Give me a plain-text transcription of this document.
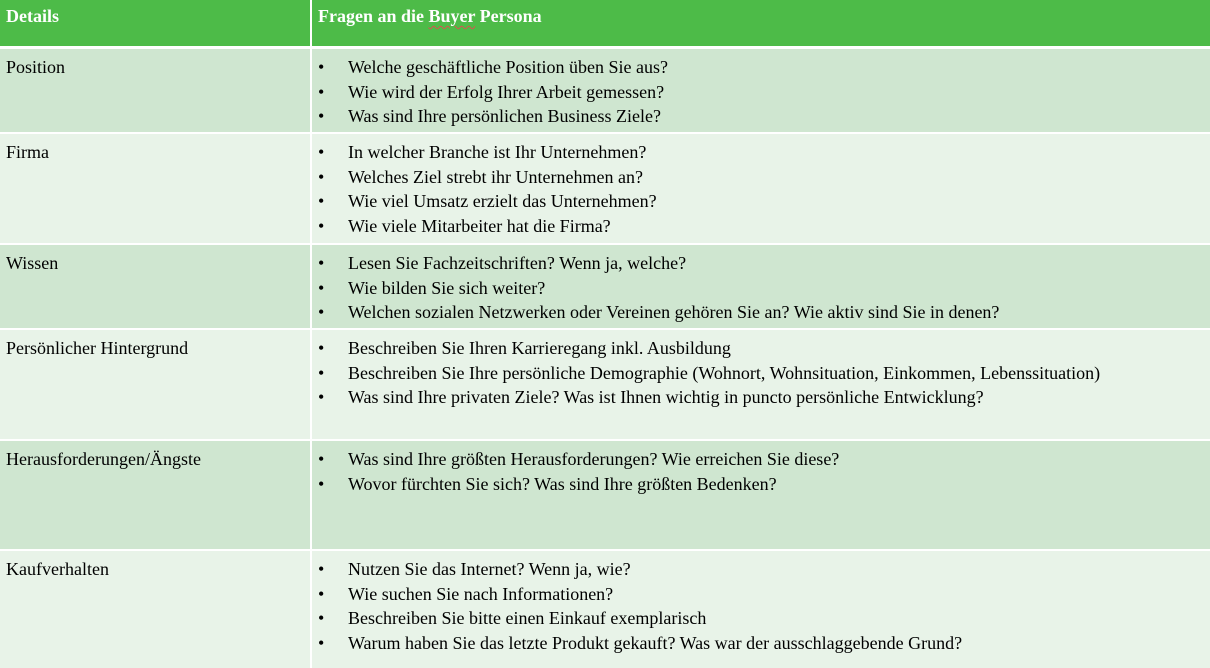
Details	Fragen an die Buyer Persona
Position	• Welche geschäftliche Position üben Sie aus?
• Wie wird der Erfolg Ihrer Arbeit gemessen?
• Was sind Ihre persönlichen Business Ziele?
Firma	• In welcher Branche ist Ihr Unternehmen?
• Welches Ziel strebt ihr Unternehmen an?
• Wie viel Umsatz erzielt das Unternehmen?
• Wie viele Mitarbeiter hat die Firma?
Wissen	• Lesen Sie Fachzeitschriften? Wenn ja, welche?
• Wie bilden Sie sich weiter?
• Welchen sozialen Netzwerken oder Vereinen gehören Sie an? Wie aktiv sind Sie in denen?
Persönlicher Hintergrund	• Beschreiben Sie Ihren Karrieregang inkl. Ausbildung
• Beschreiben Sie Ihre persönliche Demographie (Wohnort, Wohnsituation, Einkommen, Lebenssituation)
• Was sind Ihre privaten Ziele? Was ist Ihnen wichtig in puncto persönliche Entwicklung?
Herausforderungen/Ängste	• Was sind Ihre größten Herausforderungen? Wie erreichen Sie diese?
• Wovor fürchten Sie sich? Was sind Ihre größten Bedenken?
Kaufverhalten	• Nutzen Sie das Internet? Wenn ja, wie?
• Wie suchen Sie nach Informationen?
• Beschreiben Sie bitte einen Einkauf exemplarisch
• Warum haben Sie das letzte Produkt gekauft? Was war der ausschlaggebende Grund?
